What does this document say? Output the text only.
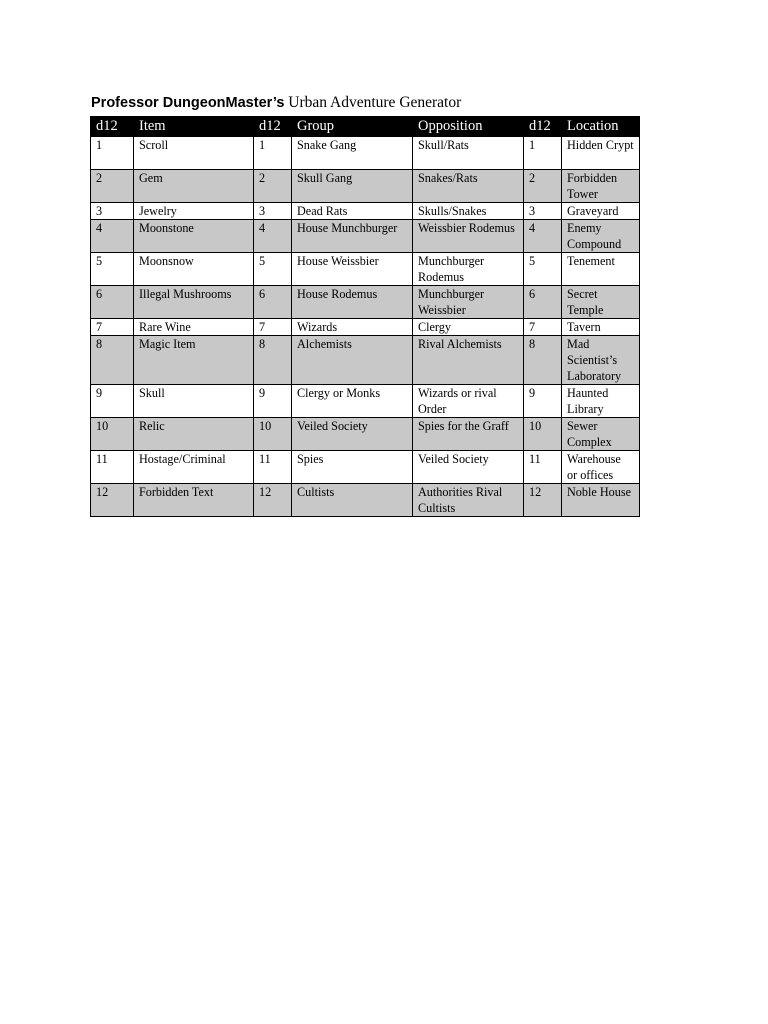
Professor DungeonMaster’s Urban Adventure Generator
d12	Item	d12	Group	Opposition	d12	Location
1	Scroll	1	Snake Gang	Skull/Rats	1	Hidden Crypt
2	Gem	2	Skull Gang	Snakes/Rats	2	Forbidden Tower
3	Jewelry	3	Dead Rats	Skulls/Snakes	3	Graveyard
4	Moonstone	4	House Munchburger	Weissbier Rodemus	4	Enemy Compound
5	Moonsnow	5	House Weissbier	Munchburger Rodemus	5	Tenement
6	Illegal Mushrooms	6	House Rodemus	Munchburger Weissbier	6	Secret Temple
7	Rare Wine	7	Wizards	Clergy	7	Tavern
8	Magic Item	8	Alchemists	Rival Alchemists	8	Mad Scientist’s Laboratory
9	Skull	9	Clergy or Monks	Wizards or rival Order	9	Haunted Library
10	Relic	10	Veiled Society	Spies for the Graff	10	Sewer Complex
11	Hostage/Criminal	11	Spies	Veiled Society	11	Warehouse or offices
12	Forbidden Text	12	Cultists	Authorities Rival Cultists	12	Noble House
